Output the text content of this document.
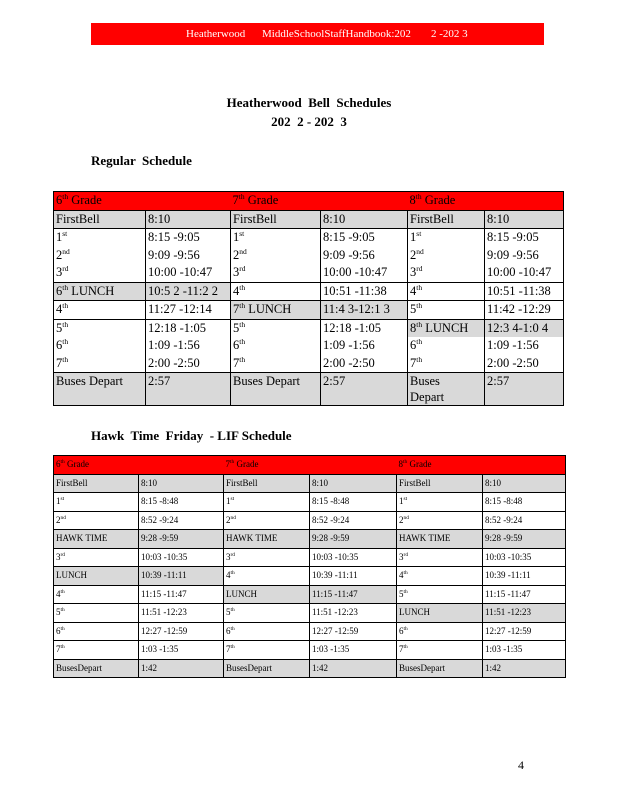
Heatherwood MiddleSchoolStaffHandbook:202 2 -202 3
Heatherwood  Bell  Schedules
202  2 - 202  3
Regular  Schedule
6th Grade		7th Grade		8th Grade	
FirstBell	8:10	FirstBell	8:10	FirstBell	8:10
1st	8:15 -9:05	1st	8:15 -9:05	1st	8:15 -9:05
2nd	9:09 -9:56	2nd	9:09 -9:56	2nd	9:09 -9:56
3rd	10:00 -10:47	3rd	10:00 -10:47	3rd	10:00 -10:47
6th LUNCH	10:5 2 -11:2 2	4th	10:51 -11:38	4th	10:51 -11:38
4th	11:27 -12:14	7th LUNCH	11:4 3-12:1 3	5th	11:42 -12:29
5th	12:18 -1:05	5th	12:18 -1:05	8th LUNCH	12:3 4-1:0 4
6th	1:09 -1:56	6th	1:09 -1:56	6th	1:09 -1:56
7th	2:00 -2:50	7th	2:00 -2:50	7th	2:00 -2:50
Buses Depart	2:57	Buses Depart	2:57	Buses Depart	2:57
Hawk  Time  Friday  - LIF Schedule
6th Grade		7th Grade		8th Grade	
FirstBell	8:10	FirstBell	8:10	FirstBell	8:10
1st	8:15 -8:48	1st	8:15 -8:48	1st	8:15 -8:48
2nd	8:52 -9:24	2nd	8:52 -9:24	2nd	8:52 -9:24
HAWK TIME	9:28 -9:59	HAWK TIME	9:28 -9:59	HAWK TIME	9:28 -9:59
3rd	10:03 -10:35	3rd	10:03 -10:35	3rd	10:03 -10:35
LUNCH	10:39 -11:11	4th	10:39 -11:11	4th	10:39 -11:11
4th	11:15 -11:47	LUNCH	11:15 -11:47	5th	11:15 -11:47
5th	11:51 -12:23	5th	11:51 -12:23	LUNCH	11:51 -12:23
6th	12:27 -12:59	6th	12:27 -12:59	6th	12:27 -12:59
7th	1:03 -1:35	7th	1:03 -1:35	7th	1:03 -1:35
BusesDepart	1:42	BusesDepart	1:42	BusesDepart	1:42
4
